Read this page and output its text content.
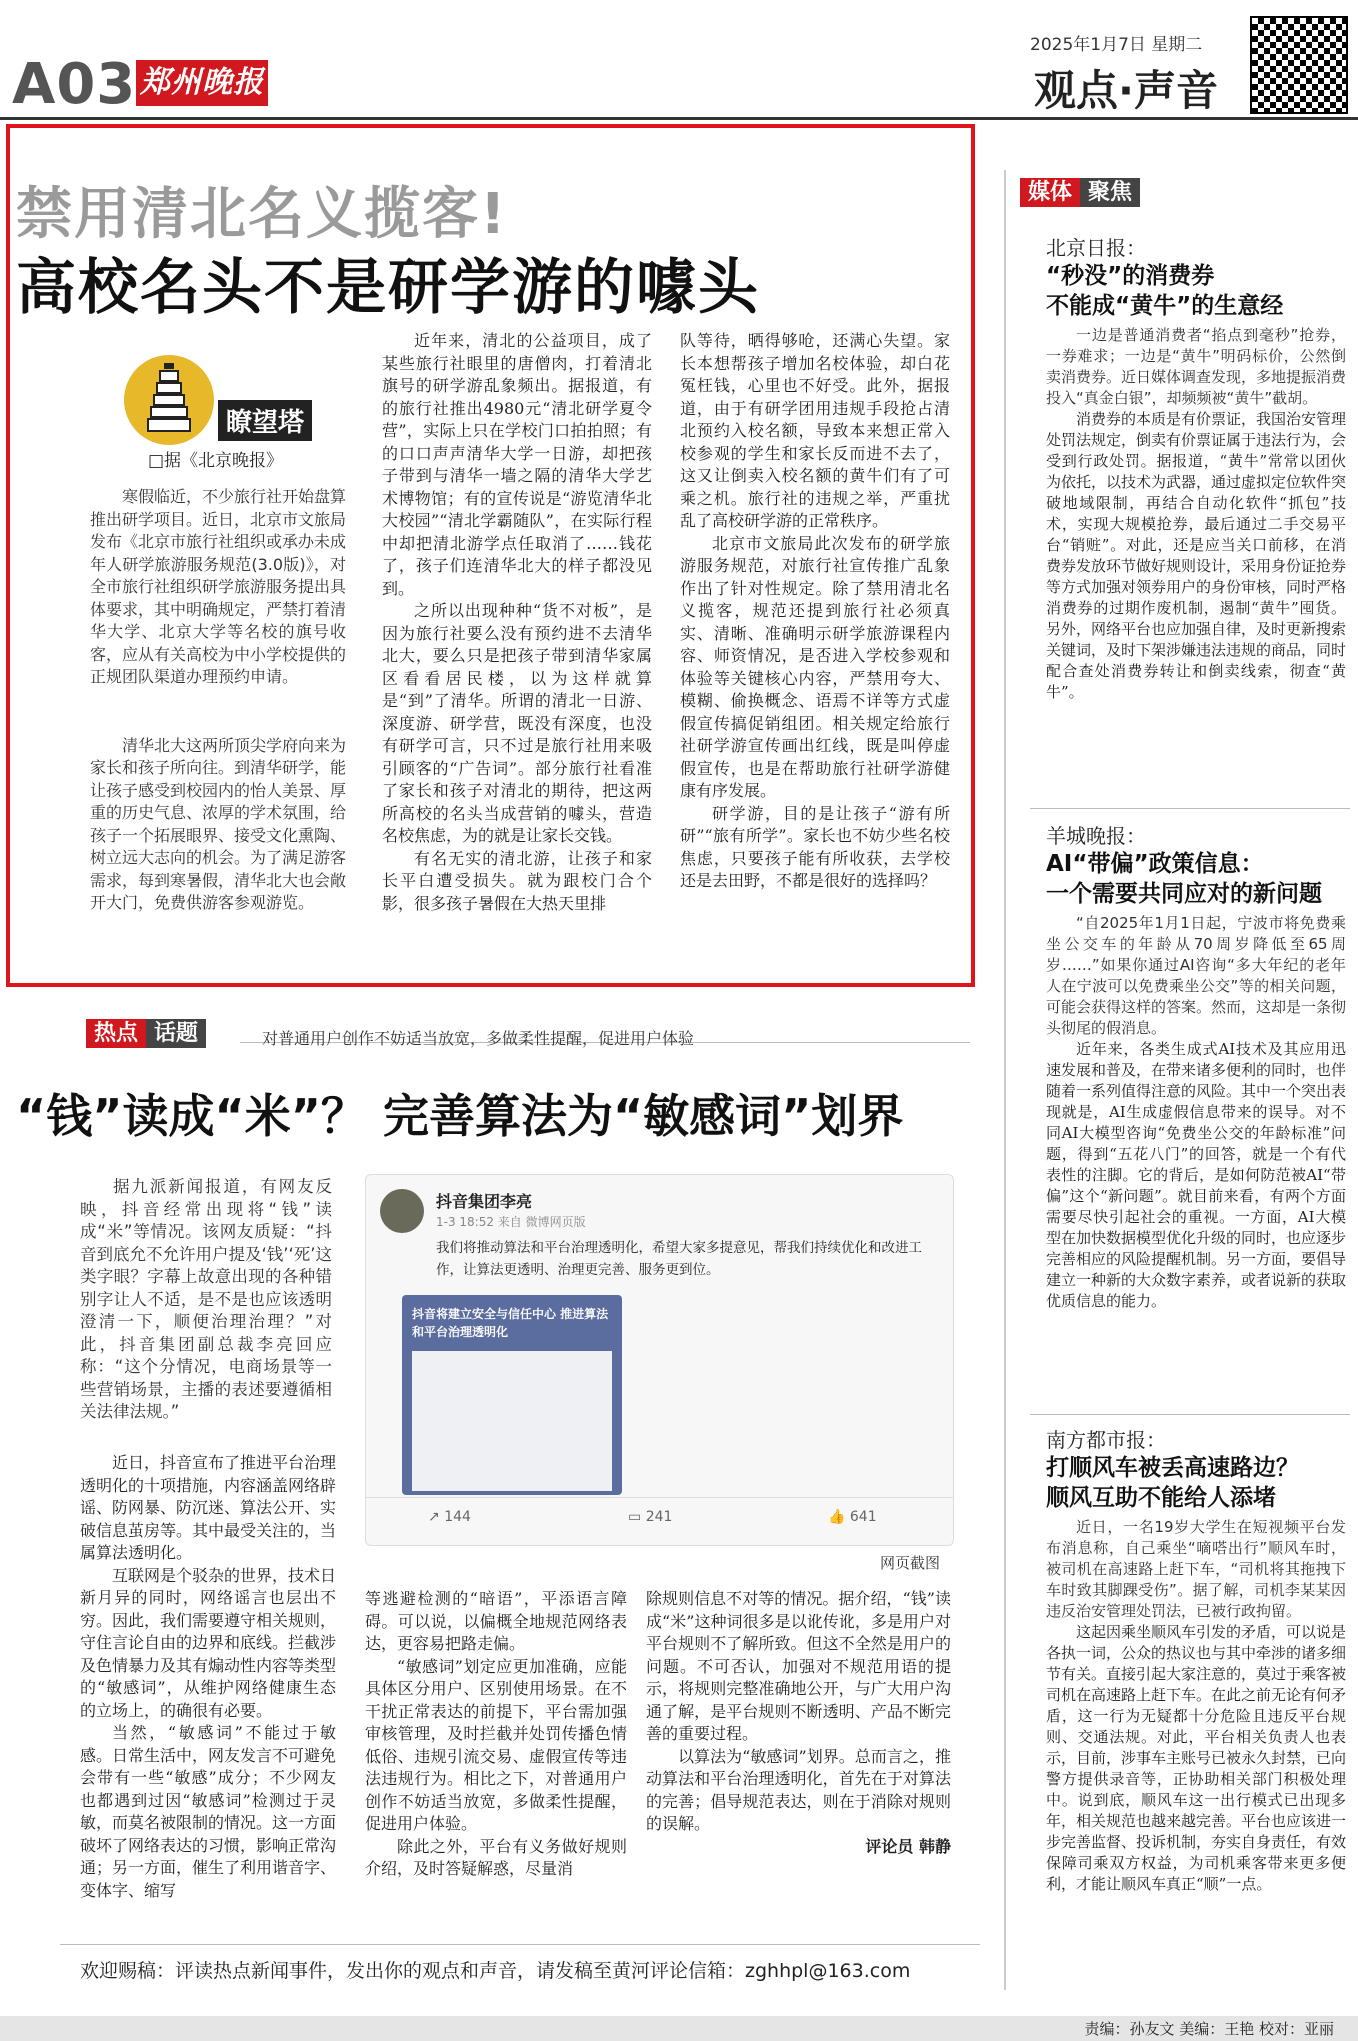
A03 郑州晚报
2025年1月7日 星期二
观点·声音
禁用清北名义揽客!
高校名头不是研学游的噱头
瞭望塔
□据《北京晚报》

寒假临近，不少旅行社开始盘算推出研学项目。近日，北京市文旅局发布《北京市旅行社组织或承办未成年人研学旅游服务规范(3.0版)》，对全市旅行社组织研学旅游服务提出具体要求，其中明确规定，严禁打着清华大学、北京大学等名校的旗号收客，应从有关高校为中小学校提供的正规团队渠道办理预约申请。

清华北大这两所顶尖学府向来为家长和孩子所向往。到清华研学，能让孩子感受到校园内的怡人美景、厚重的历史气息、浓厚的学术氛围，给孩子一个拓展眼界、接受文化熏陶、树立远大志向的机会。为了满足游客需求，每到寒暑假，清华北大也会敞开大门，免费供游客参观游览。

近年来，清北的公益项目，成了某些旅行社眼里的唐僧肉，打着清北旗号的研学游乱象频出。据报道，有的旅行社推出4980元“清北研学夏令营”，实际上只在学校门口拍拍照；有的口口声声清华大学一日游，却把孩子带到与清华一墙之隔的清华大学艺术博物馆；有的宣传说是“游览清华北大校园”“清北学霸随队”，在实际行程中却把清北游学点任取消了……钱花了，孩子们连清华北大的样子都没见到。

之所以出现种种“货不对板”，是因为旅行社要么没有预约进不去清华北大，要么只是把孩子带到清华家属区看看居民楼，以为这样就算是“到”了清华。所谓的清北一日游、深度游、研学营，既没有深度，也没有研学可言，只不过是旅行社用来吸引顾客的“广告词”。部分旅行社看准了家长和孩子对清北的期待，把这两所高校的名头当成营销的噱头，营造名校焦虑，为的就是让家长交钱。

有名无实的清北游，让孩子和家长平白遭受损失。就为跟校门合个影，很多孩子暑假在大热天里排

队等待，晒得够呛，还满心失望。家长本想帮孩子增加名校体验，却白花冤枉钱，心里也不好受。此外，据报道，由于有研学团用违规手段抢占清北预约入校名额，导致本来想正常入校参观的学生和家长反而进不去了，这又让倒卖入校名额的黄牛们有了可乘之机。旅行社的违规之举，严重扰乱了高校研学游的正常秩序。

北京市文旅局此次发布的研学旅游服务规范，对旅行社宣传推广乱象作出了针对性规定。除了禁用清北名义揽客，规范还提到旅行社必须真实、清晰、准确明示研学旅游课程内容、师资情况，是否进入学校参观和体验等关键核心内容，严禁用夸大、模糊、偷换概念、语焉不详等方式虚假宣传搞促销组团。相关规定给旅行社研学游宣传画出红线，既是叫停虚假宣传，也是在帮助旅行社研学游健康有序发展。

研学游，目的是让孩子“游有所研”“旅有所学”。家长也不妨少些名校焦虑，只要孩子能有所收获，去学校还是去田野，不都是很好的选择吗？

热点 话题	对普通用户创作不妨适当放宽，多做柔性提醒，促进用户体验
“钱”读成“米”？ 完善算法为“敏感词”划界

据九派新闻报道，有网友反映，抖音经常出现将“钱”读成“米”等情况。该网友质疑：“抖音到底允不允许用户提及‘钱’‘死’这类字眼？字幕上故意出现的各种错别字让人不适，是不是也应该透明澄清一下，顺便治理治理？”对此，抖音集团副总裁李亮回应称：“这个分情况，电商场景等一些营销场景，主播的表述要遵循相关法律法规。”

抖音集团李亮
1-3 18:52 来自 微博网页版
我们将推动算法和平台治理透明化，希望大家多提意见，帮我们持续优化和改进工作，让算法更透明、治理更完善、服务更到位。
抖音将建立安全与信任中心 推进算法和平台治理透明化
↗ 144	▭ 241	👍 641
网页截图

近日，抖音宣布了推进平台治理透明化的十项措施，内容涵盖网络辟谣、防网暴、防沉迷、算法公开、实破信息茧房等。其中最受关注的，当属算法透明化。

互联网是个驳杂的世界，技术日新月异的同时，网络谣言也层出不穷。因此，我们需要遵守相关规则，守住言论自由的边界和底线。拦截涉及色情暴力及其有煽动性内容等类型的“敏感词”，从维护网络健康生态的立场上，的确很有必要。

当然，“敏感词”不能过于敏感。日常生活中，网友发言不可避免会带有一些“敏感”成分；不少网友也都遇到过因“敏感词”检测过于灵敏，而莫名被限制的情况。这一方面破坏了网络表达的习惯，影响正常沟通；另一方面，催生了利用谐音字、变体字、缩写

等逃避检测的“暗语”，平添语言障碍。可以说，以偏概全地规范网络表达，更容易把路走偏。

“敏感词”划定应更加准确，应能具体区分用户、区别使用场景。在不干扰正常表达的前提下，平台需加强审核管理，及时拦截并处罚传播色情低俗、违规引流交易、虚假宣传等违法违规行为。相比之下，对普通用户创作不妨适当放宽，多做柔性提醒，促进用户体验。

除此之外，平台有义务做好规则介绍，及时答疑解惑，尽量消

除规则信息不对等的情况。据介绍，“钱”读成“米”这种词很多是以讹传讹，多是用户对平台规则不了解所致。但这不全然是用户的问题。不可否认，加强对不规范用语的提示，将规则完整准确地公开，与广大用户沟通了解，是平台规则不断透明、产品不断完善的重要过程。

以算法为“敏感词”划界。总而言之，推动算法和平台治理透明化，首先在于对算法的完善；倡导规范表达，则在于消除对规则的误解。

评论员 韩静

媒体 聚焦
北京日报：
“秒没”的消费券
不能成“黄牛”的生意经

一边是普通消费者“掐点到毫秒”抢券，一券难求；一边是“黄牛”明码标价，公然倒卖消费券。近日媒体调查发现，多地提振消费投入“真金白银”，却频频被“黄牛”截胡。

消费券的本质是有价票证，我国治安管理处罚法规定，倒卖有价票证属于违法行为，会受到行政处罚。据报道，“黄牛”常常以团伙为依托，以技术为武器，通过虚拟定位软件突破地域限制，再结合自动化软件“抓包”技术，实现大规模抢券，最后通过二手交易平台“销赃”。对此，还是应当关口前移，在消费券发放环节做好规则设计，采用身份证抢券等方式加强对领券用户的身份审核，同时严格消费券的过期作废机制，遏制“黄牛”囤货。另外，网络平台也应加强自律，及时更新搜索关键词，及时下架涉嫌违法违规的商品，同时配合查处消费券转让和倒卖线索，彻查“黄牛”。

羊城晚报：
AI“带偏”政策信息：
一个需要共同应对的新问题

“自2025年1月1日起，宁波市将免费乘坐公交车的年龄从70周岁降低至65周岁……”如果你通过AI咨询“多大年纪的老年人在宁波可以免费乘坐公交”等的相关问题，可能会获得这样的答案。然而，这却是一条彻头彻尾的假消息。

近年来，各类生成式AI技术及其应用迅速发展和普及，在带来诸多便利的同时，也伴随着一系列值得注意的风险。其中一个突出表现就是，AI生成虚假信息带来的误导。对不同AI大模型咨询“免费坐公交的年龄标准”问题，得到“五花八门”的回答，就是一个有代表性的注脚。它的背后，是如何防范被AI“带偏”这个“新问题”。就目前来看，有两个方面需要尽快引起社会的重视。一方面，AI大模型在加快数据模型优化升级的同时，也应逐步完善相应的风险提醒机制。另一方面，要倡导建立一种新的大众数字素养，或者说新的获取优质信息的能力。

南方都市报：
打顺风车被丢高速路边？
顺风互助不能给人添堵

近日，一名19岁大学生在短视频平台发布消息称，自己乘坐“嘀嗒出行”顺风车时，被司机在高速路上赶下车，“司机将其拖拽下车时致其脚踝受伤”。据了解，司机李某某因违反治安管理处罚法，已被行政拘留。

这起因乘坐顺风车引发的矛盾，可以说是各执一词，公众的热议也与其中牵涉的诸多细节有关。直接引起大家注意的，莫过于乘客被司机在高速路上赶下车。在此之前无论有何矛盾，这一行为无疑都十分危险且违反平台规则、交通法规。对此，平台相关负责人也表示，目前，涉事车主账号已被永久封禁，已向警方提供录音等，正协助相关部门积极处理中。说到底，顺风车这一出行模式已出现多年，相关规范也越来越完善。平台也应该进一步完善监督、投诉机制，夯实自身责任，有效保障司乘双方权益，为司机乘客带来更多便利，才能让顺风车真正“顺”一点。

欢迎赐稿：评读热点新闻事件，发出你的观点和声音，请发稿至黄河评论信箱：zghhpl@163.com
责编：孙友文 美编：王艳 校对：亚丽
